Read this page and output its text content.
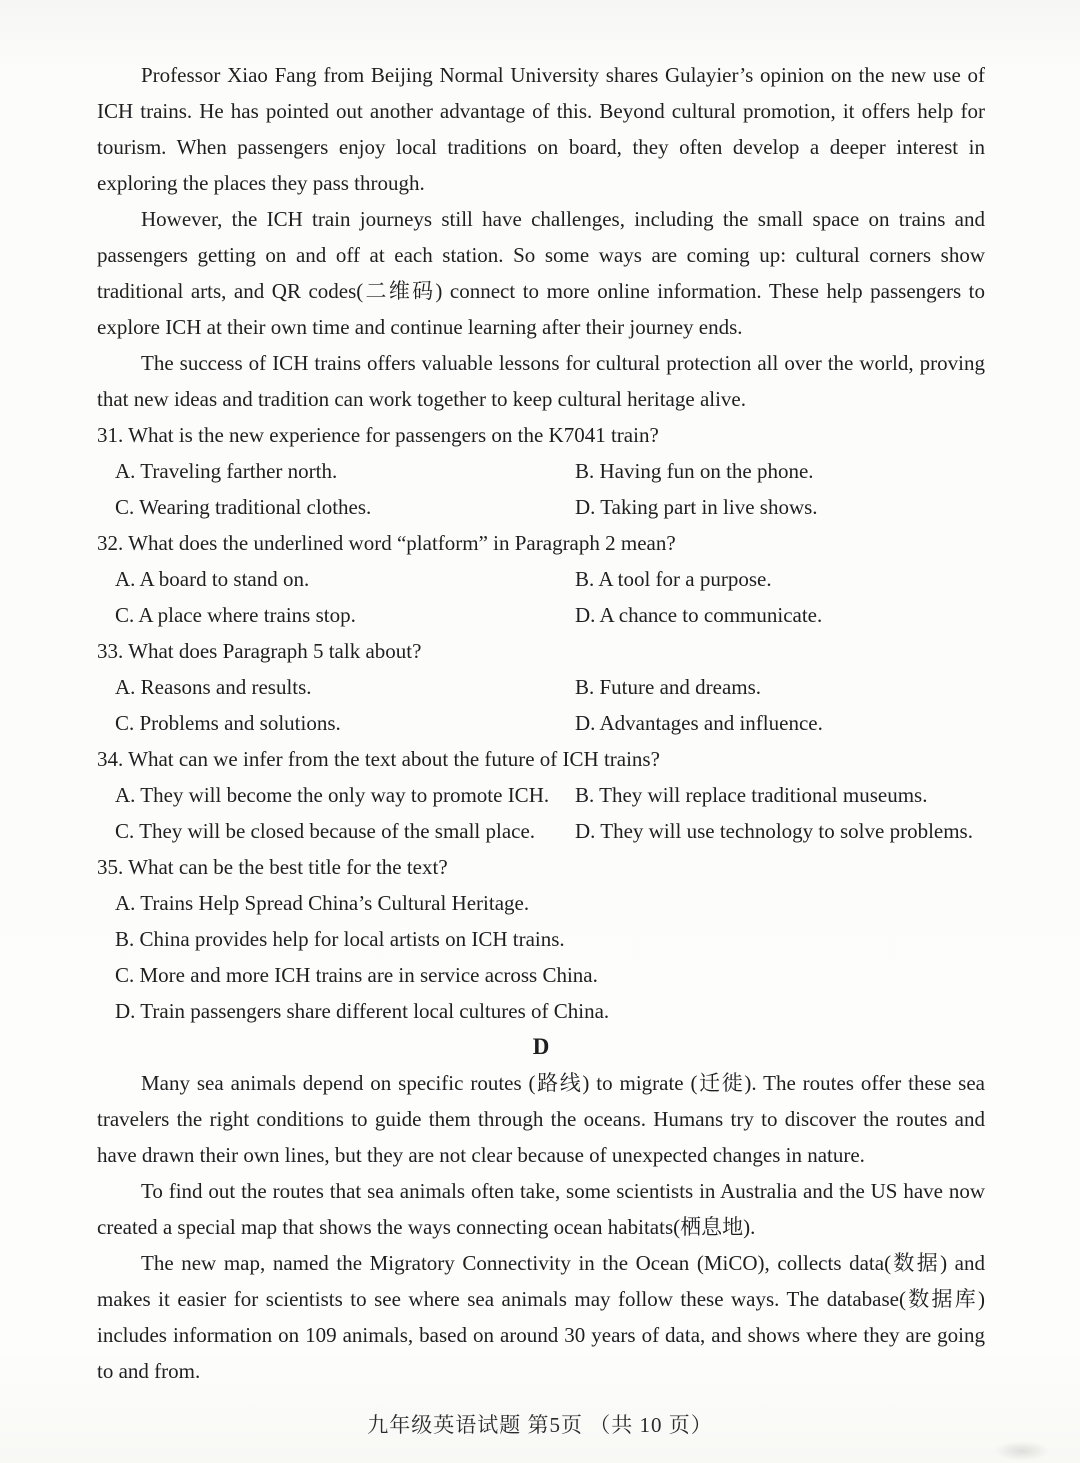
Professor Xiao Fang from Beijing Normal University shares Gulayier’s opinion on the new use of ICH trains. He has pointed out another advantage of this. Beyond cultural promotion, it offers help for tourism. When passengers enjoy local traditions on board, they often develop a deeper interest in exploring the places they pass through.

However, the ICH train journeys still have challenges, including the small space on trains and passengers getting on and off at each station. So some ways are coming up: cultural corners show traditional arts, and QR codes(二维码) connect to more online information. These help passengers to explore ICH at their own time and continue learning after their journey ends.

The success of ICH trains offers valuable lessons for cultural protection all over the world, proving that new ideas and tradition can work together to keep cultural heritage alive.

31. What is the new experience for passengers on the K7041 train?

A. Traveling farther north.	B. Having fun on the phone.
C. Wearing traditional clothes.	D. Taking part in live shows.

32. What does the underlined word “platform” in Paragraph 2 mean?

A. A board to stand on.	B. A tool for a purpose.
C. A place where trains stop.	D. A chance to communicate.

33. What does Paragraph 5 talk about?

A. Reasons and results.	B. Future and dreams.
C. Problems and solutions.	D. Advantages and influence.

34. What can we infer from the text about the future of ICH trains?

A. They will become the only way to promote ICH.	B. They will replace traditional museums.
C. They will be closed because of the small place.	D. They will use technology to solve problems.

35. What can be the best title for the text?

A. Trains Help Spread China’s Cultural Heritage.
B. China provides help for local artists on ICH trains.
C. More and more ICH trains are in service across China.
D. Train passengers share different local cultures of China.

D

Many sea animals depend on specific routes (路线) to migrate (迁徙). The routes offer these sea travelers the right conditions to guide them through the oceans. Humans try to discover the routes and have drawn their own lines, but they are not clear because of unexpected changes in nature.

To find out the routes that sea animals often take, some scientists in Australia and the US have now created a special map that shows the ways connecting ocean habitats(栖息地).

The new map, named the Migratory Connectivity in the Ocean (MiCO), collects data(数据) and makes it easier for scientists to see where sea animals may follow these ways. The database(数据库) includes information on 109 animals, based on around 30 years of data, and shows where they are going to and from.

九年级英语试题 第5页 （共 10 页）
